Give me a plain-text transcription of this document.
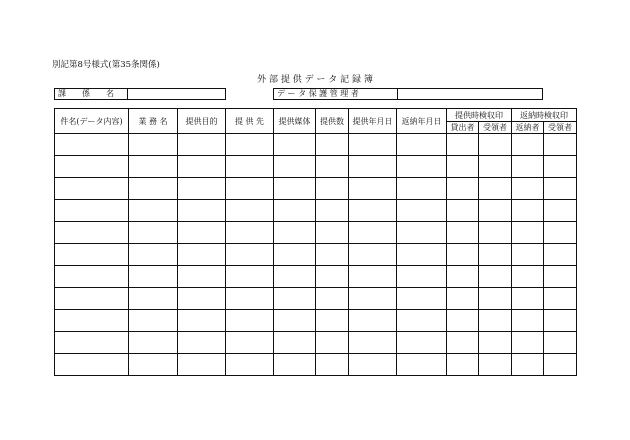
別記第8号様式(第35条関係)
外 部 提 供 デ ー タ 記 録 簿
課　　係　　名	デ ー タ 保 護 管 理 者
件名(データ内容)	業 務 名	提供目的	提 供 先	提供媒体	提供数	提供年月日	返納年月日	提供時検収印		返納時検収印	
								貸出者	受領者	返納者	受領者
